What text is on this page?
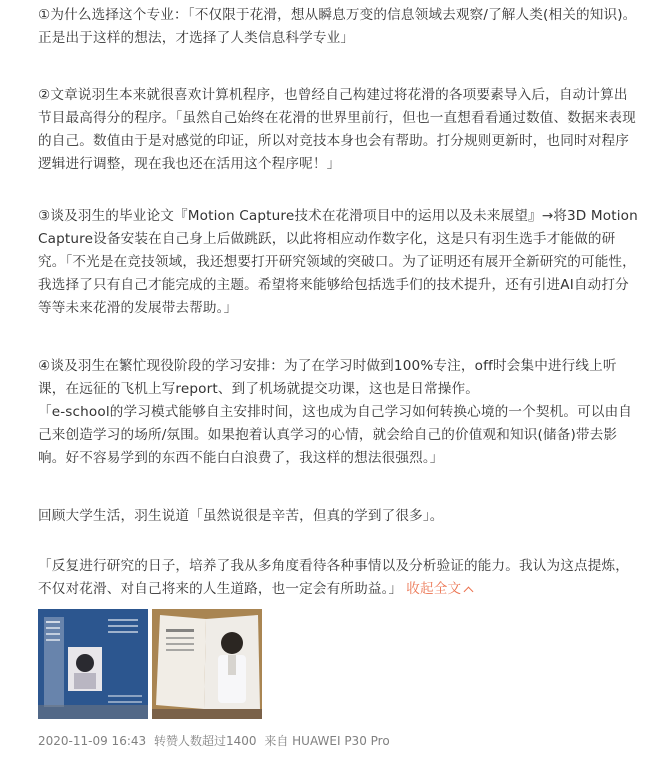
①为什么选择这个专业：「不仅限于花滑，想从瞬息万变的信息领域去观察/了解人类(相关的知识)。正是出于这样的想法，才选择了人类信息科学专业」

②文章说羽生本来就很喜欢计算机程序，也曾经自己构建过将花滑的各项要素导入后，自动计算出节目最高得分的程序。「虽然自己始终在花滑的世界里前行，但也一直想看看通过数值、数据来表现的自己。数值由于是对感觉的印证，所以对竞技本身也会有帮助。打分规则更新时，也同时对程序逻辑进行调整，现在我也还在活用这个程序呢！」

③谈及羽生的毕业论文『Motion Capture技术在花滑项目中的运用以及未来展望』→将3D Motion Capture设备安装在自己身上后做跳跃，以此将相应动作数字化，这是只有羽生选手才能做的研究。「不光是在竞技领域，我还想要打开研究领域的突破口。为了证明还有展开全新研究的可能性，我选择了只有自己才能完成的主题。希望将来能够给包括选手们的技术提升，还有引进AI自动打分等等未来花滑的发展带去帮助。」

④谈及羽生在繁忙现役阶段的学习安排：为了在学习时做到100%专注，off时会集中进行线上听课，在远征的飞机上写report、到了机场就提交功课，这也是日常操作。

「e-school的学习模式能够自主安排时间，这也成为自己学习如何转换心境的一个契机。可以由自己来创造学习的场所/氛围。如果抱着认真学习的心情，就会给自己的价值观和知识(储备)带去影响。好不容易学到的东西不能白白浪费了，我这样的想法很强烈。」

回顾大学生活，羽生说道「虽然说很是辛苦，但真的学到了很多」。

「反复进行研究的日子，培养了我从多角度看待各种事情以及分析验证的能力。我认为这点提炼，不仅对花滑、对自己将来的人生道路，也一定会有所助益。」 收起全文

2020-11-09 16:43 转赞人数超过1400 来自 HUAWEI P30 Pro
